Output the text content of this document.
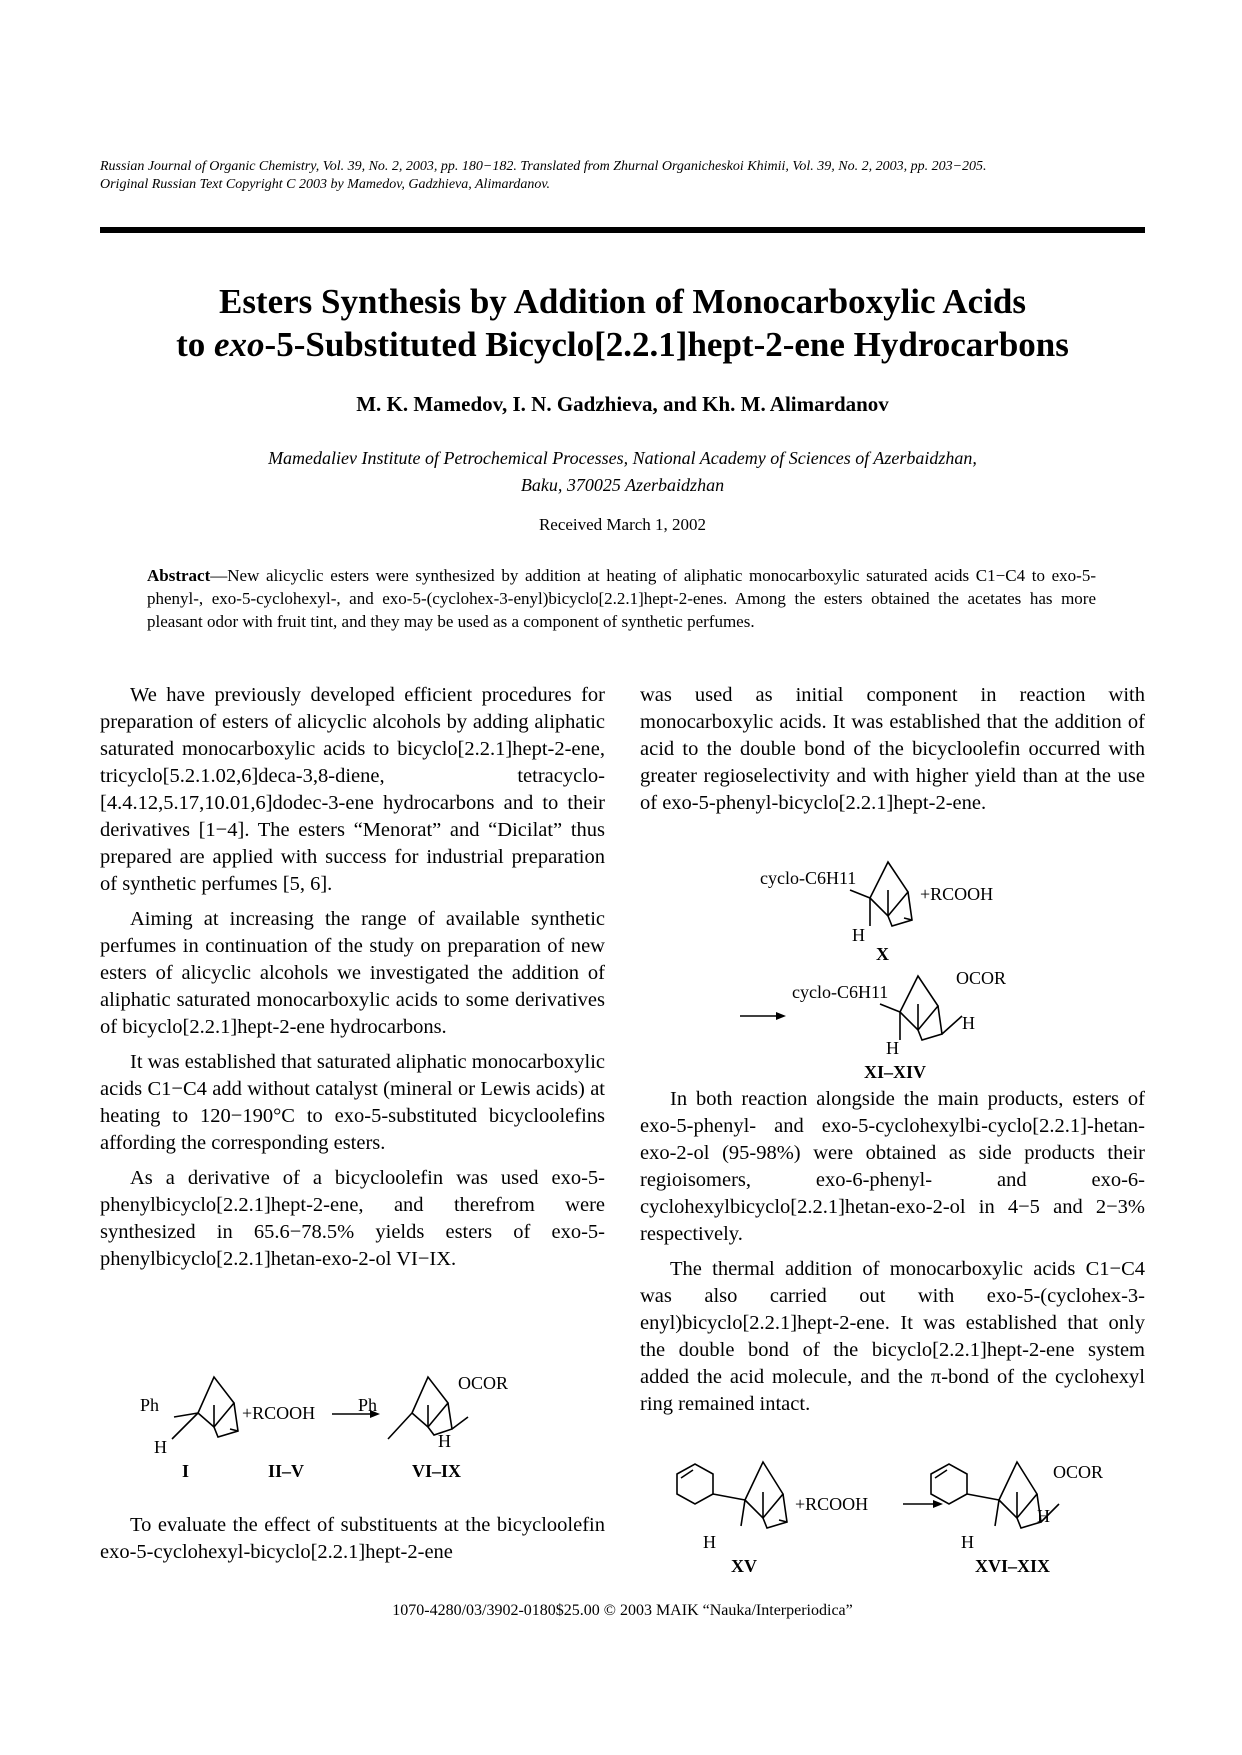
Russian Journal of Organic Chemistry, Vol. 39, No. 2, 2003, pp. 180−182. Translated from Zhurnal Organicheskoi Khimii, Vol. 39, No. 2, 2003, pp. 203−205.
Original Russian Text Copyright C 2003 by Mamedov, Gadzhieva, Alimardanov.
Esters Synthesis by Addition of Monocarboxylic Acids
to exo-5-Substituted Bicyclo[2.2.1]hept-2-ene Hydrocarbons
M. K. Mamedov, I. N. Gadzhieva, and Kh. M. Alimardanov
Mamedaliev Institute of Petrochemical Processes, National Academy of Sciences of Azerbaidzhan,
Baku, 370025 Azerbaidzhan
Received March 1, 2002
Abstract—New alicyclic esters were synthesized by addition at heating of aliphatic monocarboxylic saturated acids C1−C4 to exo-5-phenyl-, exo-5-cyclohexyl-, and exo-5-(cyclohex-3-enyl)bicyclo[2.2.1]hept-2-enes. Among the esters obtained the acetates has more pleasant odor with fruit tint, and they may be used as a component of synthetic perfumes.

We have previously developed efficient procedures for preparation of esters of alicyclic alcohols by adding aliphatic saturated monocarboxylic acids to bicyclo[2.2.1]hept-2-ene, tricyclo[5.2.1.02,6]deca-3,8-diene, tetracyclo-[4.4.12,5.17,10.01,6]dodec-3-ene hydrocarbons and to their derivatives [1−4]. The esters “Menorat” and “Dicilat” thus prepared are applied with success for industrial preparation of synthetic perfumes [5, 6].

Aiming at increasing the range of available synthetic perfumes in continuation of the study on preparation of new esters of alicyclic alcohols we investigated the addition of aliphatic saturated monocarboxylic acids to some derivatives of bicyclo[2.2.1]hept-2-ene hydrocarbons.

It was established that saturated aliphatic monocarboxylic acids C1−C4 add without catalyst (mineral or Lewis acids) at heating to 120−190°C to exo-5-substituted bicycloolefins affording the corresponding esters.

As a derivative of a bicycloolefin was used exo-5-phenylbicyclo[2.2.1]hept-2-ene, and therefrom were synthesized in 65.6−78.5% yields esters of exo-5-phenylbicyclo[2.2.1]hetan-exo-2-ol VI−IX.

Ph
H
+RCOOH Ph
OCOR
H
I	II–V	VI–IX

To evaluate the effect of substituents at the bicycloolefin exo-5-cyclohexyl-bicyclo[2.2.1]hept-2-ene

was used as initial component in reaction with monocarboxylic acids. It was established that the addition of acid to the double bond of the bicycloolefin occurred with greater regioselectivity and with higher yield than at the use of exo-5-phenyl-bicyclo[2.2.1]hept-2-ene.

cyclo-C6H11
+RCOOH
H
X
cyclo-C6H11
OCOR
H
H
XI–XIV

In both reaction alongside the main products, esters of exo-5-phenyl- and exo-5-cyclohexylbi-cyclo[2.2.1]-hetan-exo-2-ol (95-98%) were obtained as side products their regioisomers, exo-6-phenyl- and exo-6-cyclohexylbicyclo[2.2.1]hetan-exo-2-ol in 4−5 and 2−3% respectively.

The thermal addition of monocarboxylic acids C1−C4 was also carried out with exo-5-(cyclohex-3-enyl)bicyclo[2.2.1]hept-2-ene. It was established that only the double bond of the bicyclo[2.2.1]hept-2-ene system added the acid molecule, and the π-bond of the cyclohexyl ring remained intact.

+RCOOH
H
XV
OCOR
H
H
XVI–XIX
1070-4280/03/3902-0180$25.00 © 2003 MAIK “Nauka/Interperiodica”
